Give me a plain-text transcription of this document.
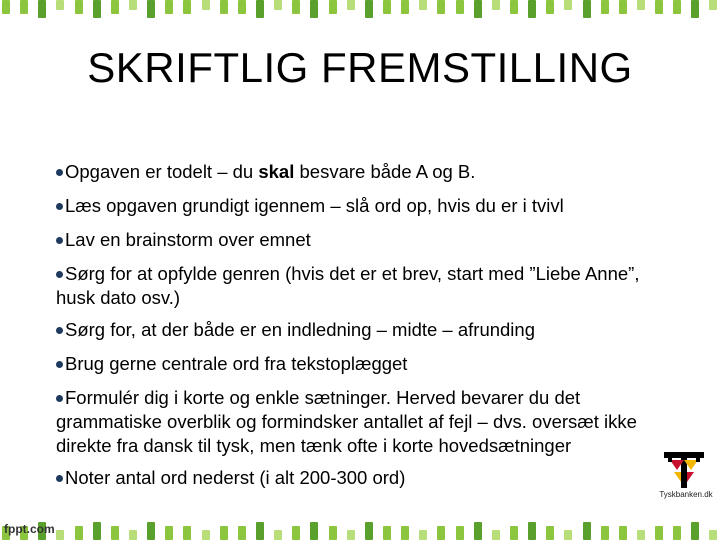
SKRIFTLIG FREMSTILLING
Opgaven er todelt – du skal besvare både A og B.
Læs opgaven grundigt igennem – slå ord op, hvis du er i tvivl
Lav en brainstorm over emnet
Sørg for at opfylde genren (hvis det er et brev, start med ”Liebe Anne”, husk dato osv.)
Sørg for, at der både er en indledning – midte – afrunding
Brug gerne centrale ord fra tekstoplægget
Formulér dig i korte og enkle sætninger. Herved bevarer du det grammatiske overblik og formindsker antallet af fejl – dvs. oversæt ikke direkte fra dansk til tysk, men tænk ofte i korte hovedsætninger
Noter antal ord nederst (i alt 200-300 ord)
Tyskbanken.dk
fppt.com
